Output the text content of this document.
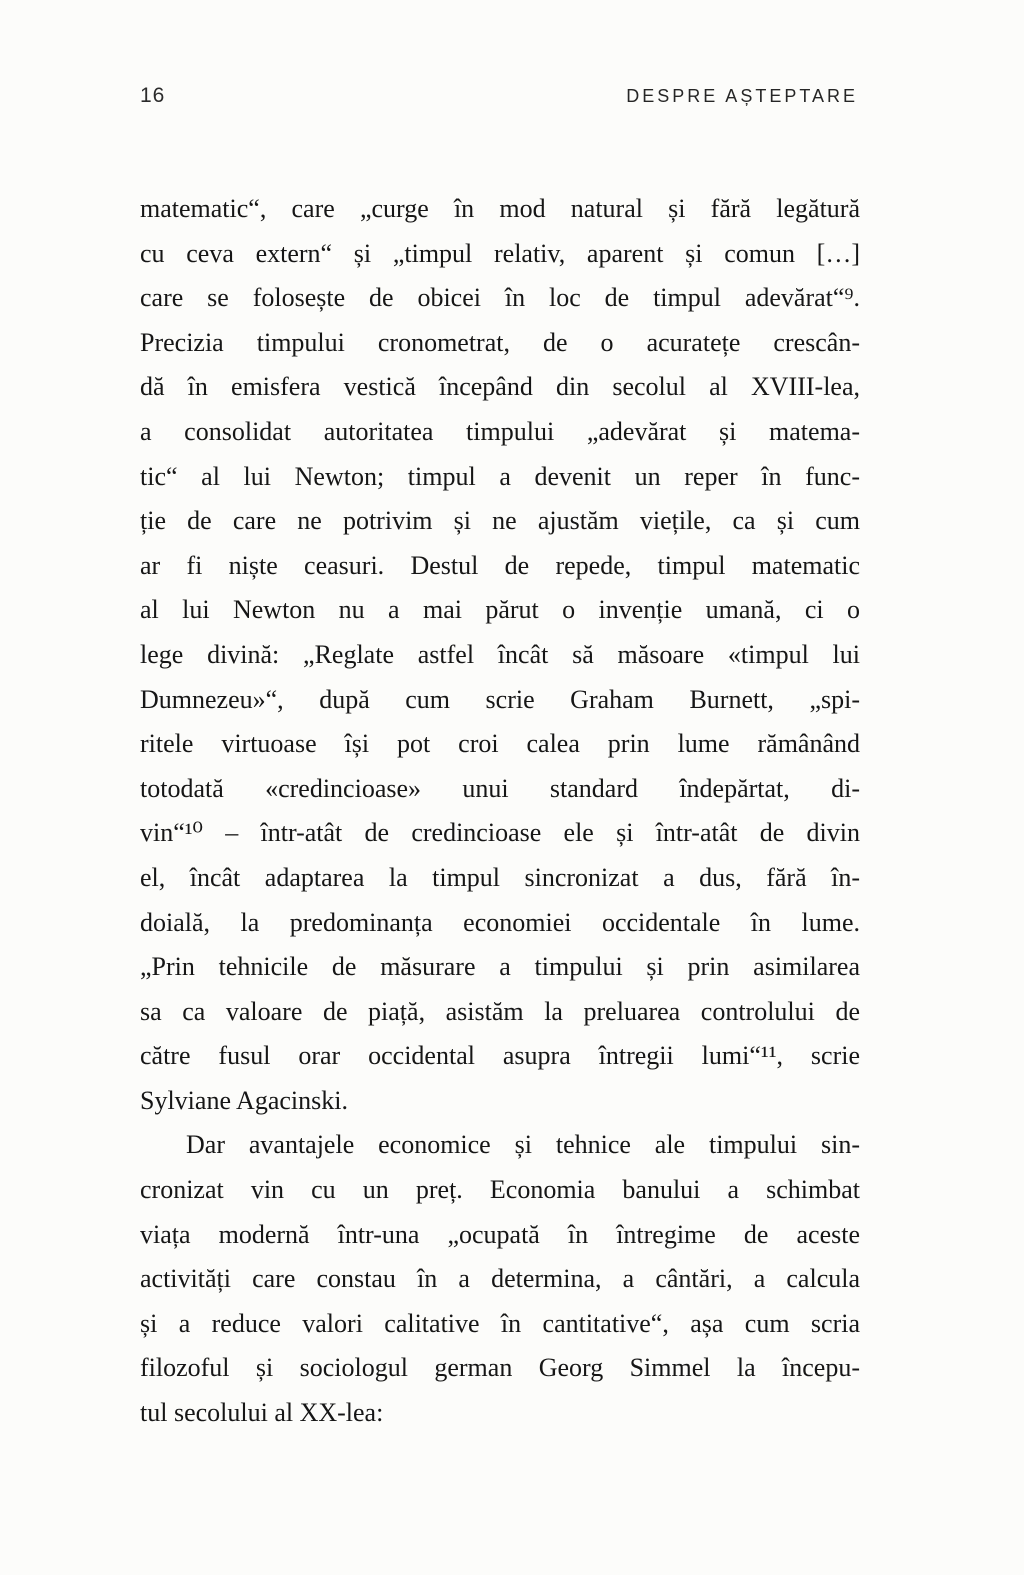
16	DESPRE AȘTEPTARE
matematic“, care „curge în mod natural și fără legătură
cu ceva extern“ și „timpul relativ, aparent și comun […]
care se folosește de obicei în loc de timpul adevărat“⁹.
Precizia timpului cronometrat, de o acuratețe crescân-
dă în emisfera vestică începând din secolul al XVIII-lea,
a consolidat autoritatea timpului „adevărat și matema-
tic“ al lui Newton; timpul a devenit un reper în func-
ție de care ne potrivim și ne ajustăm viețile, ca și cum
ar fi niște ceasuri. Destul de repede, timpul matematic
al lui Newton nu a mai părut o invenție umană, ci o
lege divină: „Reglate astfel încât să măsoare «timpul lui
Dumnezeu»“, după cum scrie Graham Burnett, „spi-
ritele virtuoase își pot croi calea prin lume rămânând
totodată «credincioase» unui standard îndepărtat, di-
vin“¹⁰ – într-atât de credincioase ele și într-atât de divin
el, încât adaptarea la timpul sincronizat a dus, fără în-
doială, la predominanța economiei occidentale în lume.
„Prin tehnicile de măsurare a timpului și prin asimilarea
sa ca valoare de piață, asistăm la preluarea controlului de
către fusul orar occidental asupra întregii lumi“¹¹, scrie
Sylviane Agacinski.
Dar avantajele economice și tehnice ale timpului sin-
cronizat vin cu un preț. Economia banului a schimbat
viața modernă într-una „ocupată în întregime de aceste
activități care constau în a determina, a cântări, a calcula
și a reduce valori calitative în cantitative“, așa cum scria
filozoful și sociologul german Georg Simmel la începu-
tul secolului al XX-lea:
